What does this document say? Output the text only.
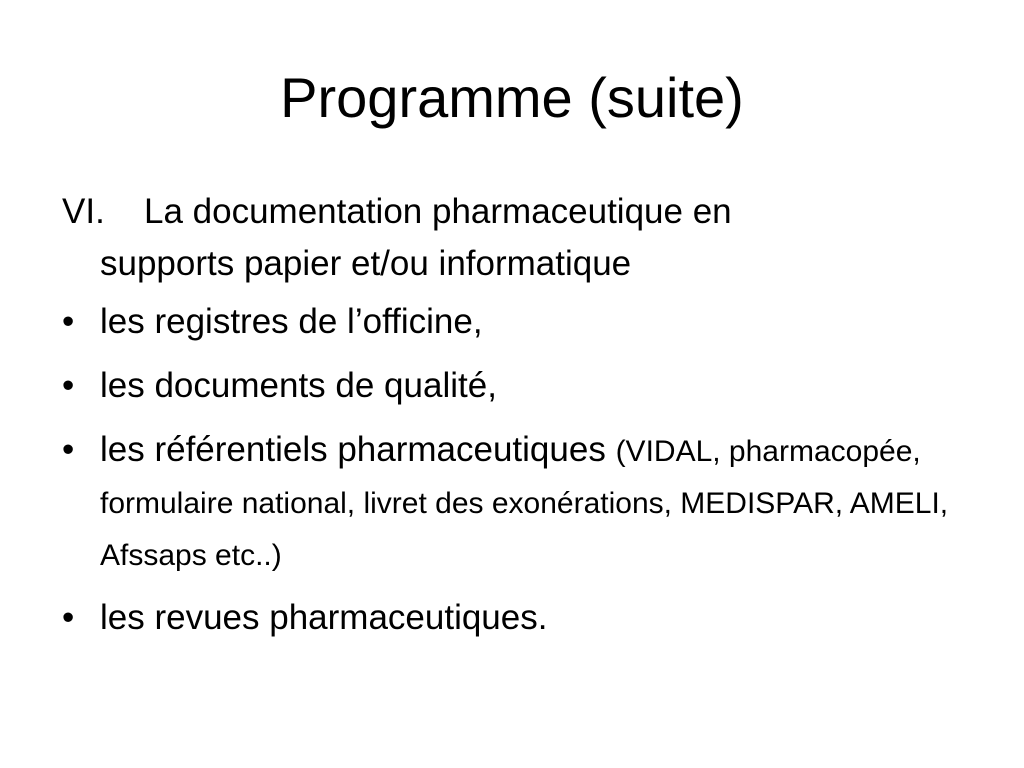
Programme (suite)
VI. La documentation pharmaceutique en
supports papier et/ou informatique
• les registres de l’officine,
• les documents de qualité,
• les référentiels pharmaceutiques (VIDAL, pharmacopée, formulaire national, livret des exonérations, MEDISPAR, AMELI, Afssaps etc..)
• les revues pharmaceutiques.
